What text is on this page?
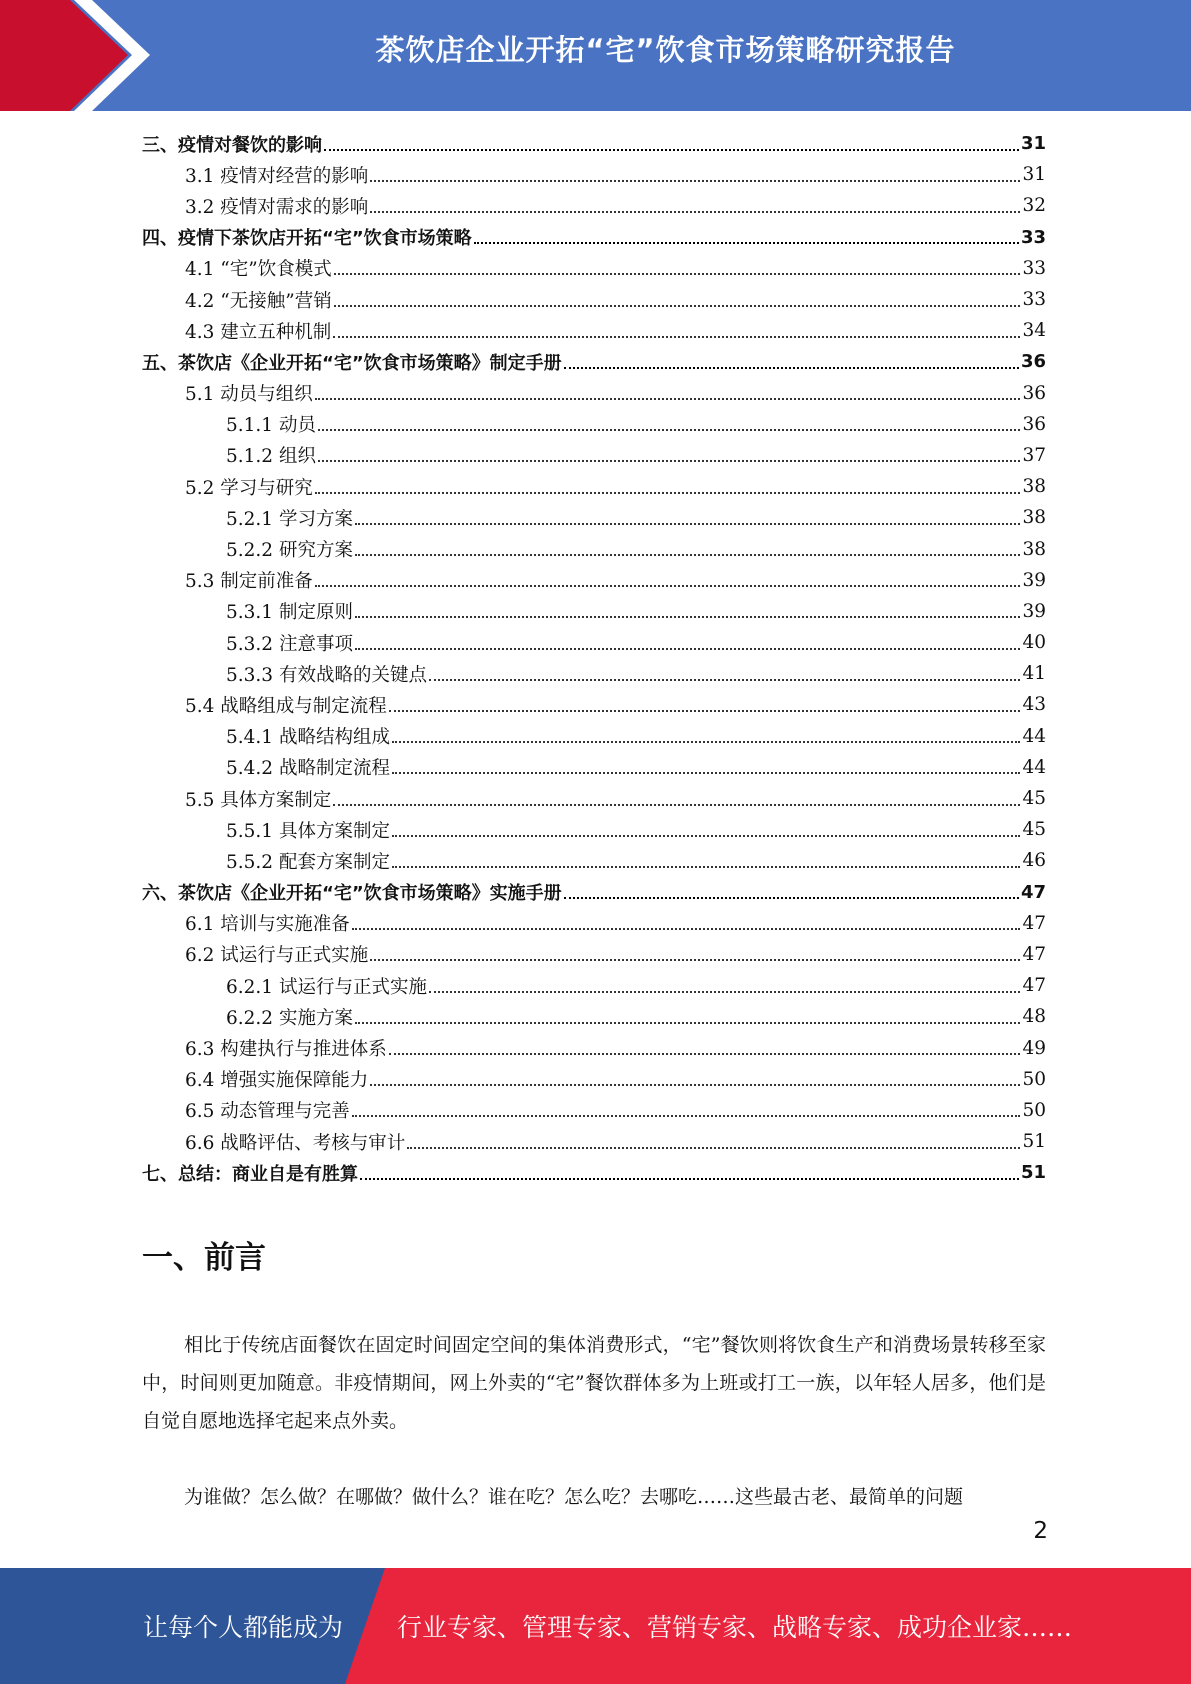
茶饮店企业开拓“宅”饮食市场策略研究报告
三、疫情对餐饮的影响	31
3.1 疫情对经营的影响	31
3.2 疫情对需求的影响	32
四、疫情下茶饮店开拓“宅”饮食市场策略	33
4.1 “宅”饮食模式	33
4.2 “无接触”营销	33
4.3 建立五种机制	34
五、茶饮店《企业开拓“宅”饮食市场策略》制定手册	36
5.1 动员与组织	36
5.1.1 动员	36
5.1.2 组织	37
5.2 学习与研究	38
5.2.1 学习方案	38
5.2.2 研究方案	38
5.3 制定前准备	39
5.3.1 制定原则	39
5.3.2 注意事项	40
5.3.3 有效战略的关键点	41
5.4 战略组成与制定流程	43
5.4.1 战略结构组成	44
5.4.2 战略制定流程	44
5.5 具体方案制定	45
5.5.1 具体方案制定	45
5.5.2 配套方案制定	46
六、茶饮店《企业开拓“宅”饮食市场策略》实施手册	47
6.1 培训与实施准备	47
6.2 试运行与正式实施	47
6.2.1 试运行与正式实施	47
6.2.2 实施方案	48
6.3 构建执行与推进体系	49
6.4 增强实施保障能力	50
6.5 动态管理与完善	50
6.6 战略评估、考核与审计	51
七、总结：商业自是有胜算	51
一、前言
相比于传统店面餐饮在固定时间固定空间的集体消费形式，“宅”餐饮则将饮食生产和消费场景转移至家中，时间则更加随意。非疫情期间，网上外卖的“宅”餐饮群体多为上班或打工一族，以年轻人居多，他们是自觉自愿地选择宅起来点外卖。
为谁做？怎么做？在哪做？做什么？谁在吃？怎么吃？去哪吃……这些最古老、最简单的问题
2
让每个人都能成为 行业专家、管理专家、营销专家、战略专家、成功企业家……
